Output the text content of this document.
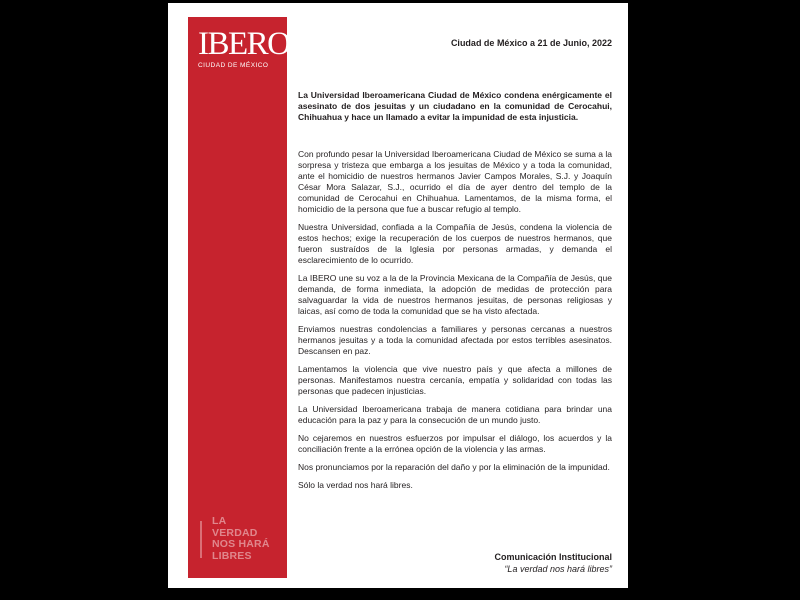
IBERO
CIUDAD DE MÉXICO
LA
VERDAD
NOS HARÁ
LIBRES
Ciudad de México a 21 de Junio, 2022

La Universidad Iberoamericana Ciudad de México condena enérgicamente el asesinato de dos jesuitas y un ciudadano en la comunidad de Cerocahui, Chihuahua y hace un llamado a evitar la impunidad de esta injusticia.

Con profundo pesar la Universidad Iberoamericana Ciudad de México se suma a la sorpresa y tristeza que embarga a los jesuitas de México y a toda la comunidad, ante el homicidio de nuestros hermanos Javier Campos Morales, S.J. y Joaquín César Mora Salazar, S.J., ocurrido el día de ayer dentro del templo de la comunidad de Cerocahui en Chihuahua. Lamentamos, de la misma forma, el homicidio de la persona que fue a buscar refugio al templo.

Nuestra Universidad, confiada a la Compañía de Jesús, condena la violencia de estos hechos; exige la recuperación de los cuerpos de nuestros hermanos, que fueron sustraídos de la Iglesia por personas armadas, y demanda el esclarecimiento de lo ocurrido.

La IBERO une su voz a la de la Provincia Mexicana de la Compañía de Jesús, que demanda, de forma inmediata, la adopción de medidas de protección para salvaguardar la vida de nuestros hermanos jesuitas, de personas religiosas y laicas, así como de toda la comunidad que se ha visto afectada.

Enviamos nuestras condolencias a familiares y personas cercanas a nuestros hermanos jesuitas y a toda la comunidad afectada por estos terribles asesinatos. Descansen en paz.

Lamentamos la violencia que vive nuestro país y que afecta a millones de personas. Manifestamos nuestra cercanía, empatía y solidaridad con todas las personas que padecen injusticias.

La Universidad Iberoamericana trabaja de manera cotidiana para brindar una educación para la paz y para la consecución de un mundo justo.

No cejaremos en nuestros esfuerzos por impulsar el diálogo, los acuerdos y la conciliación frente a la errónea opción de la violencia y las armas.

Nos pronunciamos por la reparación del daño y por la eliminación de la impunidad.

Sólo la verdad nos hará libres.

Comunicación Institucional
“La verdad nos hará libres”
